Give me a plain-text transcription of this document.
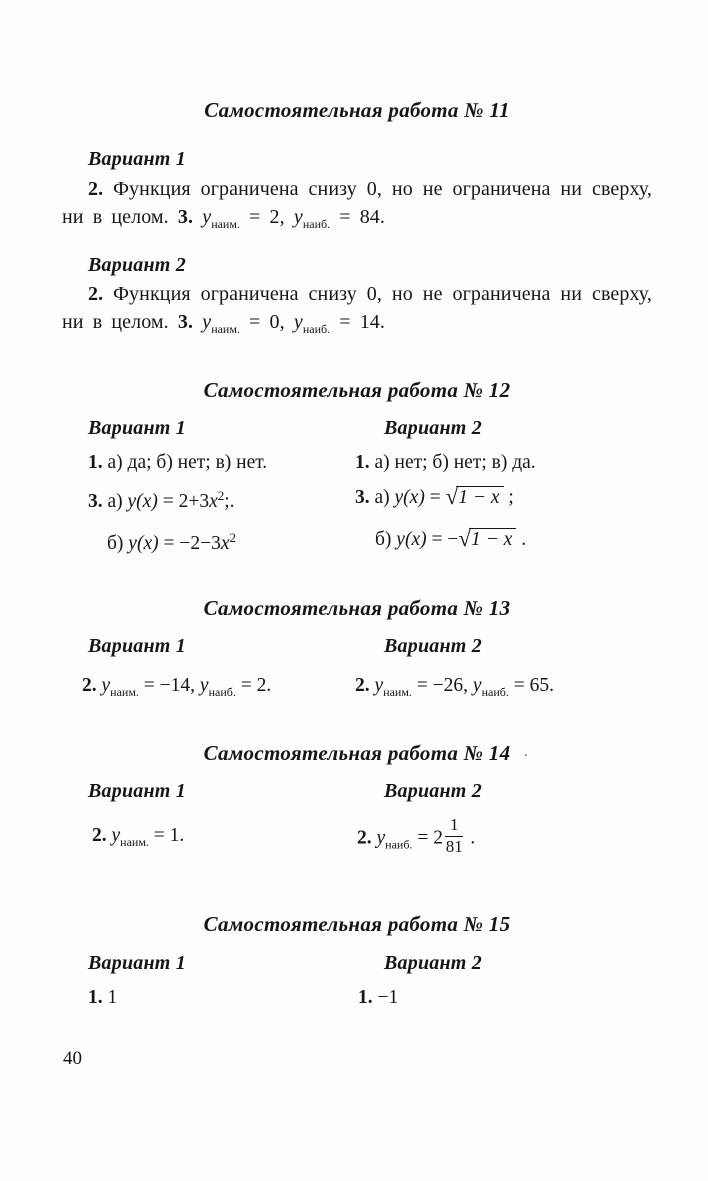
Самостоятельная работа № 11
Вариант 1

2. Функция ограничена снизу 0, но не ограничена ни сверху, ни в целом. 3. $y_{наим.} = 2$, $y_{наиб.} = 84$.

Вариант 2

2. Функция ограничена снизу 0, но не ограничена ни сверху, ни в целом. 3. $y_{наим.} = 0$, $y_{наиб.} = 14$.

Самостоятельная работа № 12
Вариант 1	Вариант 2
1. а) да; б) нет; в) нет.	1. а) нет; б) нет; в) да.
3. а) $y(x) = 2+3x^2$;.	3. а) y(x) = √1 − x ;
б) $y(x) = -2-3x^2$	б) y(x) = −√1 − x .
Самостоятельная работа № 13
Вариант 1	Вариант 2
2. $y_{наим.} = -14$, $y_{наиб.} = 2$.	2. $y_{наим.} = -26$, $y_{наиб.} = 65$.
Самостоятельная работа № 14
Вариант 1	Вариант 2
2. $y_{наим.} = 1$.	2. $y_{наиб.} = 2 \frac{1}{81}$ .
Самостоятельная работа № 15
Вариант 1	Вариант 2
1. 1	1. −1
.
40
